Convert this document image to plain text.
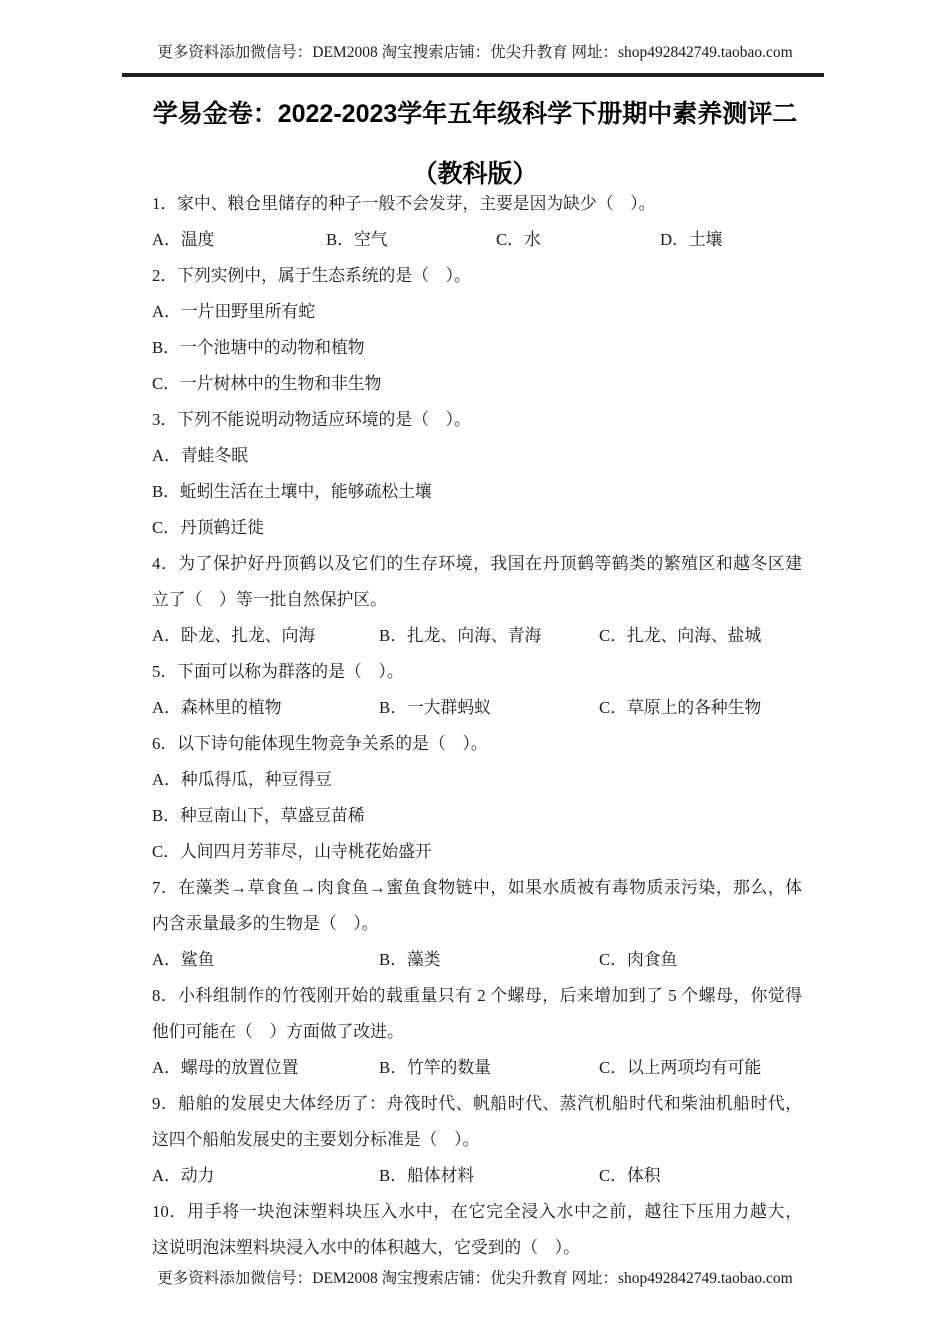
更多资料添加微信号：DEM2008 淘宝搜索店铺：优尖升教育 网址：shop492842749.taobao.com
学易金卷：2022-2023学年五年级科学下册期中素养测评二
（教科版）
1．家中、粮仓里储存的种子一般不会发芽，主要是因为缺少（　）。
A．温度	B．空气	C．水	D．土壤
2．下列实例中，属于生态系统的是（　）。
A．一片田野里所有蛇
B．一个池塘中的动物和植物
C．一片树林中的生物和非生物
3．下列不能说明动物适应环境的是（　）。
A．青蛙冬眠
B．蚯蚓生活在土壤中，能够疏松土壤
C．丹顶鹤迁徙
4．为了保护好丹顶鹤以及它们的生存环境，我国在丹顶鹤等鹤类的繁殖区和越冬区建
立了（　）等一批自然保护区。
A．卧龙、扎龙、向海	B．扎龙、向海、青海	C．扎龙、向海、盐城
5．下面可以称为群落的是（　）。
A．森林里的植物	B．一大群蚂蚁	C．草原上的各种生物
6．以下诗句能体现生物竞争关系的是（　）。
A．种瓜得瓜，种豆得豆
B．种豆南山下，草盛豆苗稀
C．人间四月芳菲尽，山寺桃花始盛开
7．在藻类→草食鱼→肉食鱼→蜜鱼食物链中，如果水质被有毒物质汞污染，那么，体
内含汞量最多的生物是（　）。
A．鲨鱼	B．藻类	C．肉食鱼
8．小科组制作的竹筏刚开始的载重量只有 2 个螺母，后来增加到了 5 个螺母，你觉得
他们可能在（　）方面做了改进。
A．螺母的放置位置	B．竹竿的数量	C．以上两项均有可能
9．船舶的发展史大体经历了：舟筏时代、帆船时代、蒸汽机船时代和柴油机船时代，
这四个船舶发展史的主要划分标准是（　）。
A．动力	B．船体材料	C．体积
10．用手将一块泡沫塑料块压入水中，在它完全浸入水中之前，越往下压用力越大，
这说明泡沫塑料块浸入水中的体积越大，它受到的（　）。
更多资料添加微信号：DEM2008 淘宝搜索店铺：优尖升教育 网址：shop492842749.taobao.com
